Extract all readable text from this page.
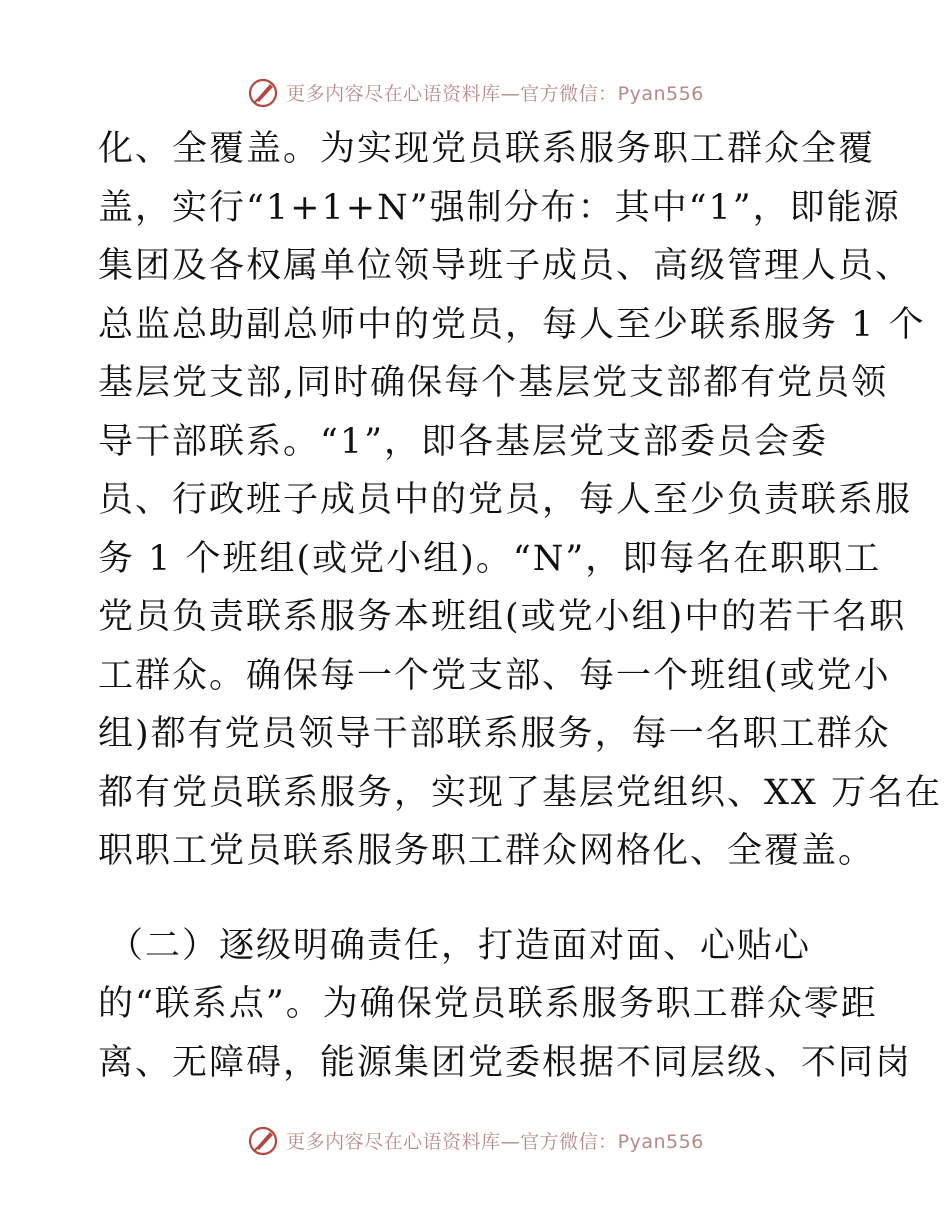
更多内容尽在心语资料库—官方微信：Pyan556
化、全覆盖。为实现党员联系服务职工群众全覆
盖，实行“1+1+N”强制分布：其中“1”，即能源
集团及各权属单位领导班子成员、高级管理人员、
总监总助副总师中的党员，每人至少联系服务 1 个
基层党支部,同时确保每个基层党支部都有党员领
导干部联系。“1”，即各基层党支部委员会委
员、行政班子成员中的党员，每人至少负责联系服
务 1 个班组(或党小组)。“N”，即每名在职职工
党员负责联系服务本班组(或党小组)中的若干名职
工群众。确保每一个党支部、每一个班组(或党小
组)都有党员领导干部联系服务，每一名职工群众
都有党员联系服务，实现了基层党组织、XX 万名在
职职工党员联系服务职工群众网格化、全覆盖。
（二）逐级明确责任，打造面对面、心贴心
的“联系点”。为确保党员联系服务职工群众零距
离、无障碍，能源集团党委根据不同层级、不同岗
更多内容尽在心语资料库—官方微信：Pyan556
